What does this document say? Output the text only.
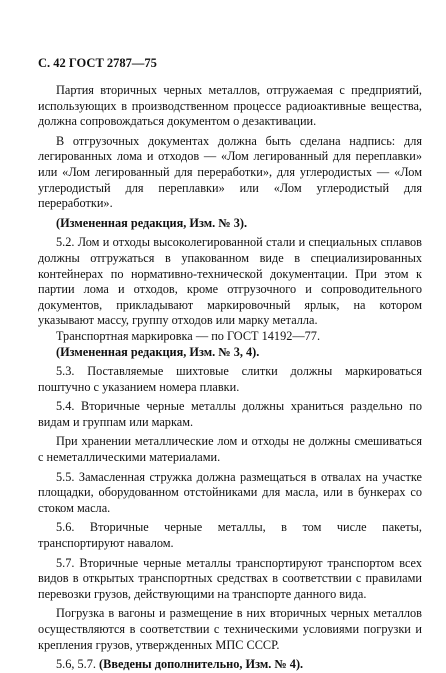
С. 42 ГОСТ 2787—75

Партия вторичных черных металлов, отгружаемая с предприятий, использующих в производственном процессе радиоактивные вещества, должна сопровождаться документом о дезактивации.

В отгрузочных документах должна быть сделана надпись: для легированных лома и отходов — «Лом легированный для переплавки» или «Лом легированный для переработки», для углеродистых — «Лом углеродистый для переплавки» или «Лом углеродистый для переработки».

(Измененная редакция, Изм. № 3).

5.2. Лом и отходы высоколегированной стали и специальных сплавов должны отгружаться в упакованном виде в специализированных контейнерах по нормативно-технической документации. При этом к партии лома и отходов, кроме отгрузочного и сопроводительного документов, прикладывают маркировочный ярлык, на котором указывают массу, группу отходов или марку металла.

Транспортная маркировка — по ГОСТ 14192—77.

(Измененная редакция, Изм. № 3, 4).

5.3. Поставляемые шихтовые слитки должны маркироваться поштучно с указанием номера плавки.

5.4. Вторичные черные металлы должны храниться раздельно по видам и группам или маркам.

При хранении металлические лом и отходы не должны смешиваться с неметаллическими материалами.

5.5. Замасленная стружка должна размещаться в отвалах на участке площадки, оборудованном отстойниками для масла, или в бункерах со стоком масла.

5.6. Вторичные черные металлы, в том числе пакеты, транспортируют навалом.

5.7. Вторичные черные металлы транспортируют транспортом всех видов в открытых транспортных средствах в соответствии с правилами перевозки грузов, действующими на транспорте данного вида.

Погрузка в вагоны и размещение в них вторичных черных металлов осуществляются в соответствии с техническими условиями погрузки и крепления грузов, утвержденных МПС СССР.

5.6, 5.7. (Введены дополнительно, Изм. № 4).
